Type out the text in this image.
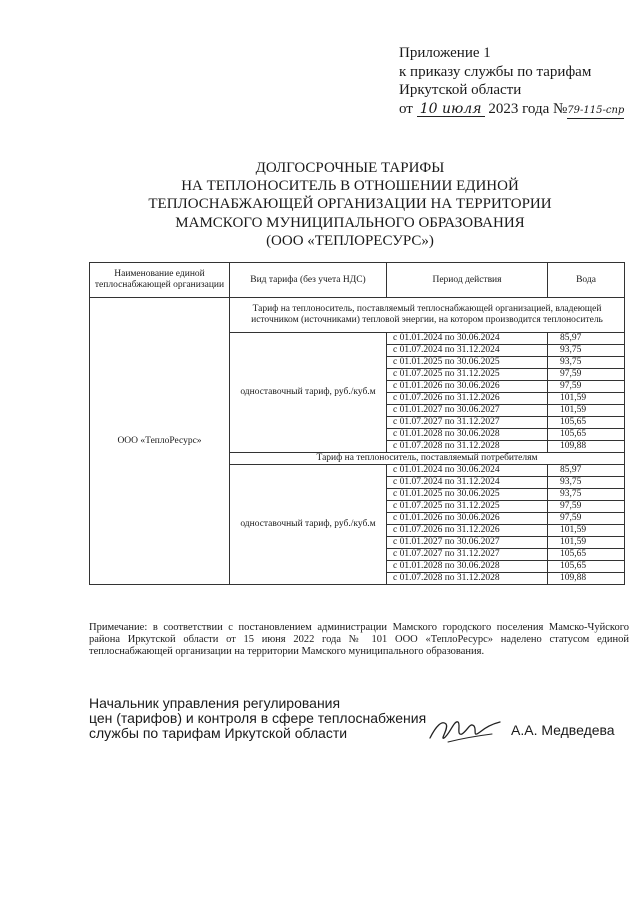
Приложение 1
к приказу службы по тарифам
Иркутской области
от 10 июля 2023 года №79-115-спр
ДОЛГОСРОЧНЫЕ ТАРИФЫ
НА ТЕПЛОНОСИТЕЛЬ В ОТНОШЕНИИ ЕДИНОЙ
ТЕПЛОСНАБЖАЮЩЕЙ ОРГАНИЗАЦИИ НА ТЕРРИТОРИИ
МАМСКОГО МУНИЦИПАЛЬНОГО ОБРАЗОВАНИЯ
(ООО «ТЕПЛОРЕСУРС»)
Наименование единой теплоснабжающей организации	Вид тарифа (без учета НДС)	Период действия	Вода
ООО «ТеплоРесурс»	Тариф на теплоноситель, поставляемый теплоснабжающей организацией, владеющей источником (источниками) тепловой энергии, на котором производится теплоноситель		
	одноставочный тариф, руб./куб.м	с 01.01.2024 по 30.06.2024	85,97
		с 01.07.2024 по 31.12.2024	93,75
		с 01.01.2025 по 30.06.2025	93,75
		с 01.07.2025 по 31.12.2025	97,59
		с 01.01.2026 по 30.06.2026	97,59
		с 01.07.2026 по 31.12.2026	101,59
		с 01.01.2027 по 30.06.2027	101,59
		с 01.07.2027 по 31.12.2027	105,65
		с 01.01.2028 по 30.06.2028	105,65
		с 01.07.2028 по 31.12.2028	109,88
	Тариф на теплоноситель, поставляемый потребителям		
	одноставочный тариф, руб./куб.м	с 01.01.2024 по 30.06.2024	85,97
		с 01.07.2024 по 31.12.2024	93,75
		с 01.01.2025 по 30.06.2025	93,75
		с 01.07.2025 по 31.12.2025	97,59
		с 01.01.2026 по 30.06.2026	97,59
		с 01.07.2026 по 31.12.2026	101,59
		с 01.01.2027 по 30.06.2027	101,59
		с 01.07.2027 по 31.12.2027	105,65
		с 01.01.2028 по 30.06.2028	105,65
		с 01.07.2028 по 31.12.2028	109,88
Примечание: в соответствии с постановлением администрации Мамского городского поселения Мамско-Чуйского района Иркутской области от 15 июня 2022 года № 101 ООО «ТеплоРесурс» наделено статусом единой теплоснабжающей организации на территории Мамского муниципального образования.
Начальник управления регулирования
цен (тарифов) и контроля в сфере теплоснабжения
службы по тарифам Иркутской области	А.А. Медведева
